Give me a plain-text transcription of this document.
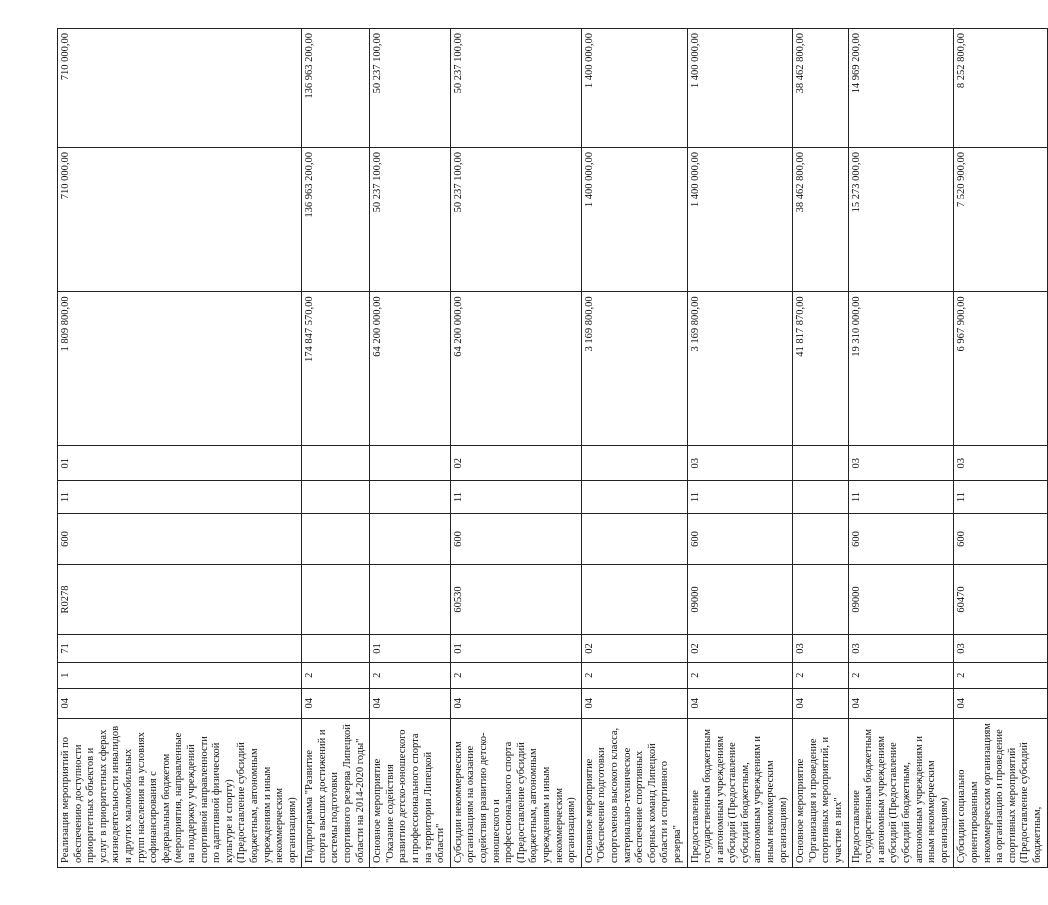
Реализация мероприятий по обеспечению доступности приоритетных объектов и услуг в приоритетных сферах жизнедеятельности инвалидов и других маломобильных групп населения на условиях софинансирования с федеральным бюджетом (мероприятия, направленные на поддержку учреждений спортивной направленности по адаптивной физической культуре и спорту) (Предоставление субсидий бюджетным, автономным учреждениям и иным некоммерческим организациям)	04	1	71	R0278	600	11	01	1 809 800,00	710 000,00	710 000,00
Подпрограмма "Развитие спорта высших достижений и системы подготовки спортивного резерва Липецкой области на 2014-2020 годы"	04	2						174 847 570,00	136 963 200,00	136 963 200,00
Основное мероприятие "Оказание содействия развитию детско-юношеского и профессионального спорта на территории Липецкой области"	04	2	01					64 200 000,00	50 237 100,00	50 237 100,00
Субсидии некоммерческим организациям на оказание содействия развитию детско-юношеского и профессионального спорта (Предоставление субсидий бюджетным, автономным учреждениям и иным некоммерческим организациям)	04	2	01	60530	600	11	02	64 200 000,00	50 237 100,00	50 237 100,00
Основное мероприятие "Обеспечение подготовки спортсменов высокого класса, материально-техническое обеспечение спортивных сборных команд Липецкой области и спортивного резерва"	04	2	02					3 169 800,00	1 400 000,00	1 400 000,00
Предоставление государственным бюджетным и автономным учреждениям субсидий (Предоставление субсидий бюджетным, автономным учреждениям и иным некоммерческим организациям)	04	2	02	09000	600	11	03	3 169 800,00	1 400 000,00	1 400 000,00
Основное мероприятие "Организация и проведение спортивных мероприятий, и участие в них"	04	2	03					41 817 870,00	38 462 800,00	38 462 800,00
Предоставление государственным бюджетным и автономным учреждениям субсидий (Предоставление субсидий бюджетным, автономным учреждениям и иным некоммерческим организациям)	04	2	03	09000	600	11	03	19 310 000,00	15 273 000,00	14 969 200,00
Субсидии социально ориентированным некоммерческим организациям на организацию и проведение спортивных мероприятий (Предоставление субсидий бюджетным,	04	2	03	60470	600	11	03	6 967 900,00	7 520 900,00	8 252 800,00
